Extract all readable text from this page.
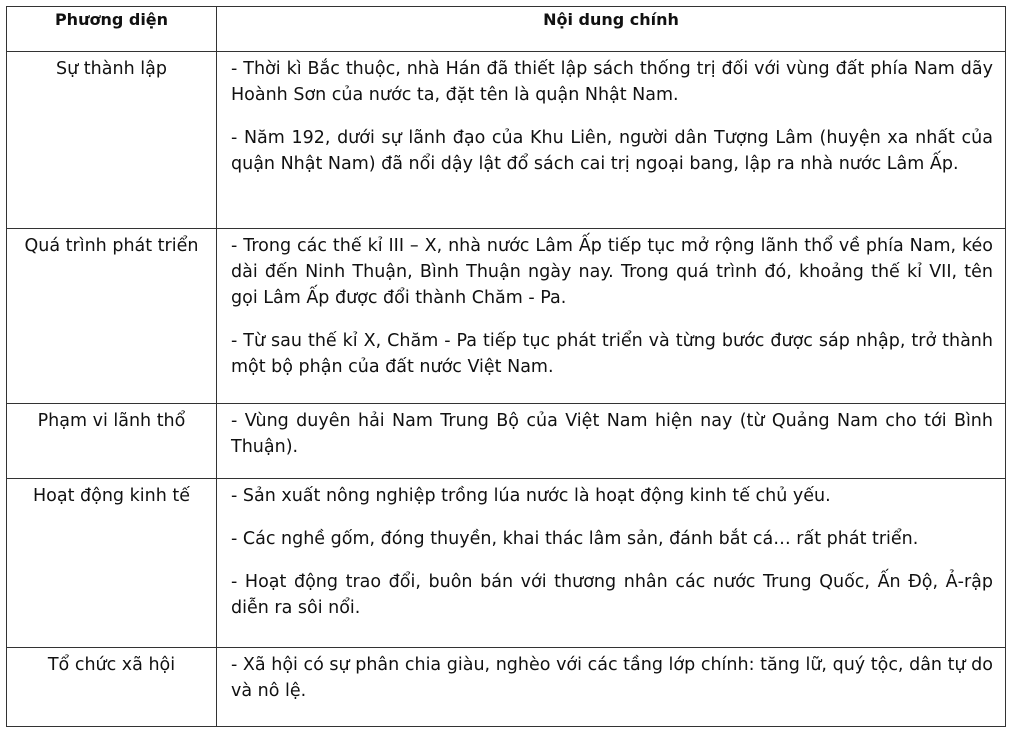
Phương diện	Nội dung chính
Sự thành lập	- Thời kì Bắc thuộc, nhà Hán đã thiết lập sách thống trị đối với vùng đất phía Nam dãy Hoành Sơn của nước ta, đặt tên là quận Nhật Nam.

- Năm 192, dưới sự lãnh đạo của Khu Liên, người dân Tượng Lâm (huyện xa nhất của quận Nhật Nam) đã nổi dậy lật đổ sách cai trị ngoại bang, lập ra nhà nước Lâm Ấp.

Quá trình phát triển	- Trong các thế kỉ III – X, nhà nước Lâm Ấp tiếp tục mở rộng lãnh thổ về phía Nam, kéo dài đến Ninh Thuận, Bình Thuận ngày nay. Trong quá trình đó, khoảng thế kỉ VII, tên gọi Lâm Ấp được đổi thành Chăm - Pa.

- Từ sau thế kỉ X, Chăm - Pa tiếp tục phát triển và từng bước được sáp nhập, trở thành một bộ phận của đất nước Việt Nam.

Phạm vi lãnh thổ	- Vùng duyên hải Nam Trung Bộ của Việt Nam hiện nay (từ Quảng Nam cho tới Bình Thuận).

Hoạt động kinh tế	- Sản xuất nông nghiệp trồng lúa nước là hoạt động kinh tế chủ yếu.

- Các nghề gốm, đóng thuyền, khai thác lâm sản, đánh bắt cá… rất phát triển.

- Hoạt động trao đổi, buôn bán với thương nhân các nước Trung Quốc, Ấn Độ, Ả-rập diễn ra sôi nổi.

Tổ chức xã hội	- Xã hội có sự phân chia giàu, nghèo với các tầng lớp chính: tăng lữ, quý tộc, dân tự do và nô lệ.
